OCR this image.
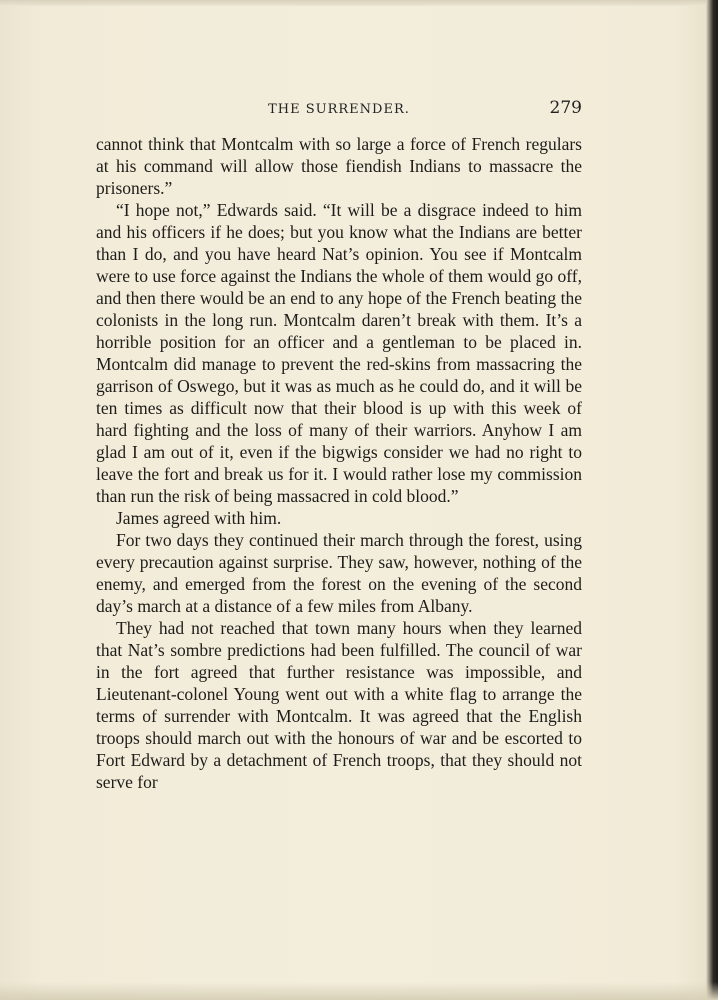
THE SURRENDER.	279

cannot think that Montcalm with so large a force of French regulars at his command will allow those fiendish Indians to massacre the prisoners.”

“I hope not,” Edwards said. “It will be a disgrace indeed to him and his officers if he does; but you know what the Indians are better than I do, and you have heard Nat’s opinion. You see if Montcalm were to use force against the Indians the whole of them would go off, and then there would be an end to any hope of the French beating the colonists in the long run. Montcalm daren’t break with them. It’s a horrible position for an officer and a gentleman to be placed in. Montcalm did manage to prevent the red-skins from massacring the garrison of Oswego, but it was as much as he could do, and it will be ten times as difficult now that their blood is up with this week of hard fighting and the loss of many of their warriors. Anyhow I am glad I am out of it, even if the bigwigs consider we had no right to leave the fort and break us for it. I would rather lose my commission than run the risk of being massacred in cold blood.”

James agreed with him.

For two days they continued their march through the forest, using every precaution against surprise. They saw, however, nothing of the enemy, and emerged from the forest on the evening of the second day’s march at a distance of a few miles from Albany.

They had not reached that town many hours when they learned that Nat’s sombre predictions had been fulfilled. The council of war in the fort agreed that further resistance was impossible, and Lieutenant-colonel Young went out with a white flag to arrange the terms of surrender with Montcalm. It was agreed that the English troops should march out with the honours of war and be escorted to Fort Edward by a detachment of French troops, that they should not serve for
